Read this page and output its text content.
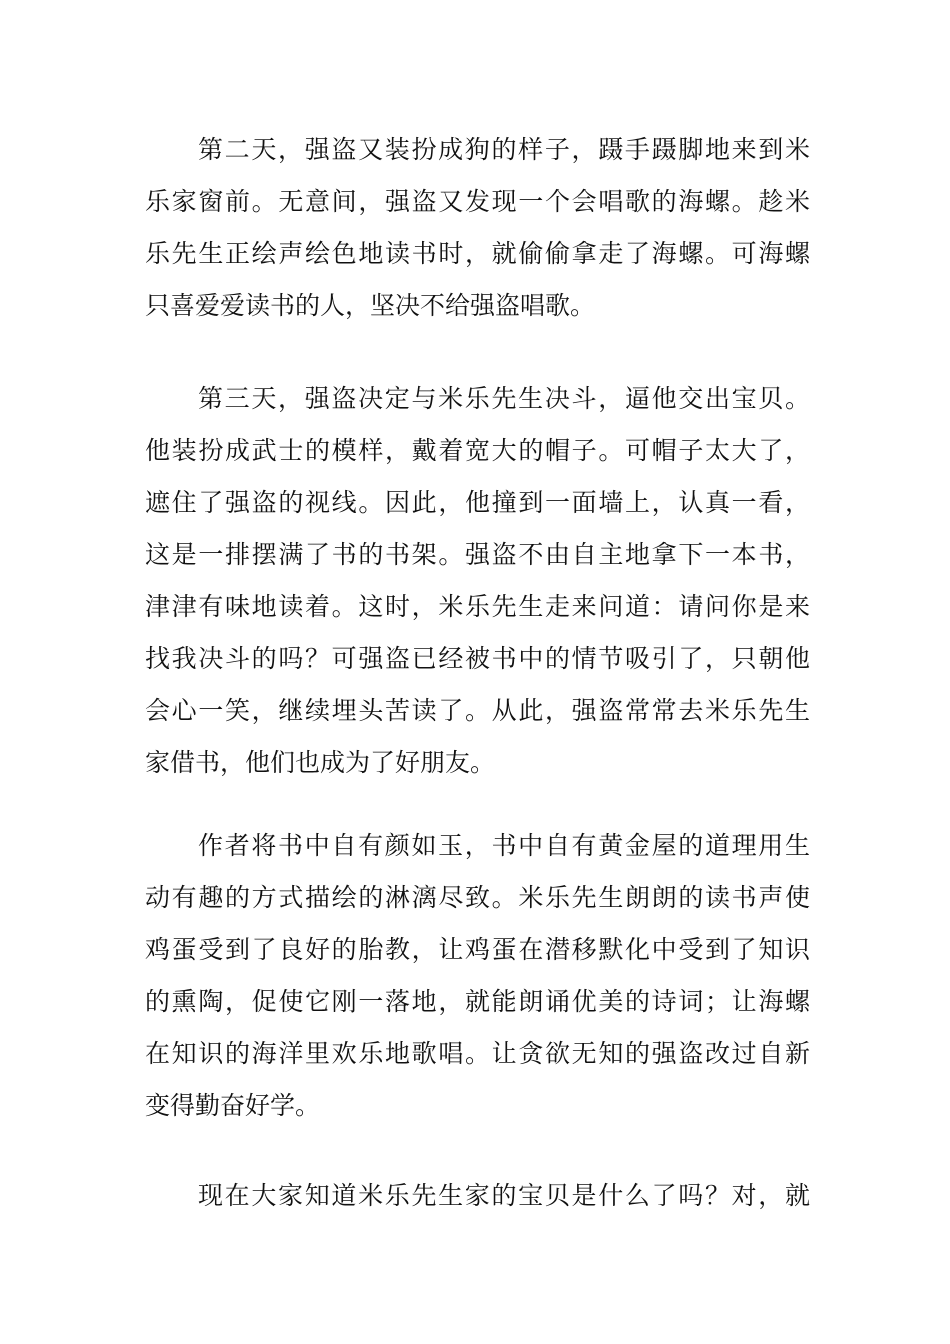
第二天，强盗又装扮成狗的样子，蹑手蹑脚地来到米
乐家窗前。无意间，强盗又发现一个会唱歌的海螺。趁米
乐先生正绘声绘色地读书时，就偷偷拿走了海螺。可海螺
只喜爱爱读书的人，坚决不给强盗唱歌。
第三天，强盗决定与米乐先生决斗，逼他交出宝贝。
他装扮成武士的模样，戴着宽大的帽子。可帽子太大了，
遮住了强盗的视线。因此，他撞到一面墙上，认真一看，
这是一排摆满了书的书架。强盗不由自主地拿下一本书，
津津有味地读着。这时，米乐先生走来问道：请问你是来
找我决斗的吗？可强盗已经被书中的情节吸引了，只朝他
会心一笑，继续埋头苦读了。从此，强盗常常去米乐先生
家借书，他们也成为了好朋友。
作者将书中自有颜如玉，书中自有黄金屋的道理用生
动有趣的方式描绘的淋漓尽致。米乐先生朗朗的读书声使
鸡蛋受到了良好的胎教，让鸡蛋在潜移默化中受到了知识
的熏陶，促使它刚一落地，就能朗诵优美的诗词；让海螺
在知识的海洋里欢乐地歌唱。让贪欲无知的强盗改过自新
变得勤奋好学。
现在大家知道米乐先生家的宝贝是什么了吗？对，就
